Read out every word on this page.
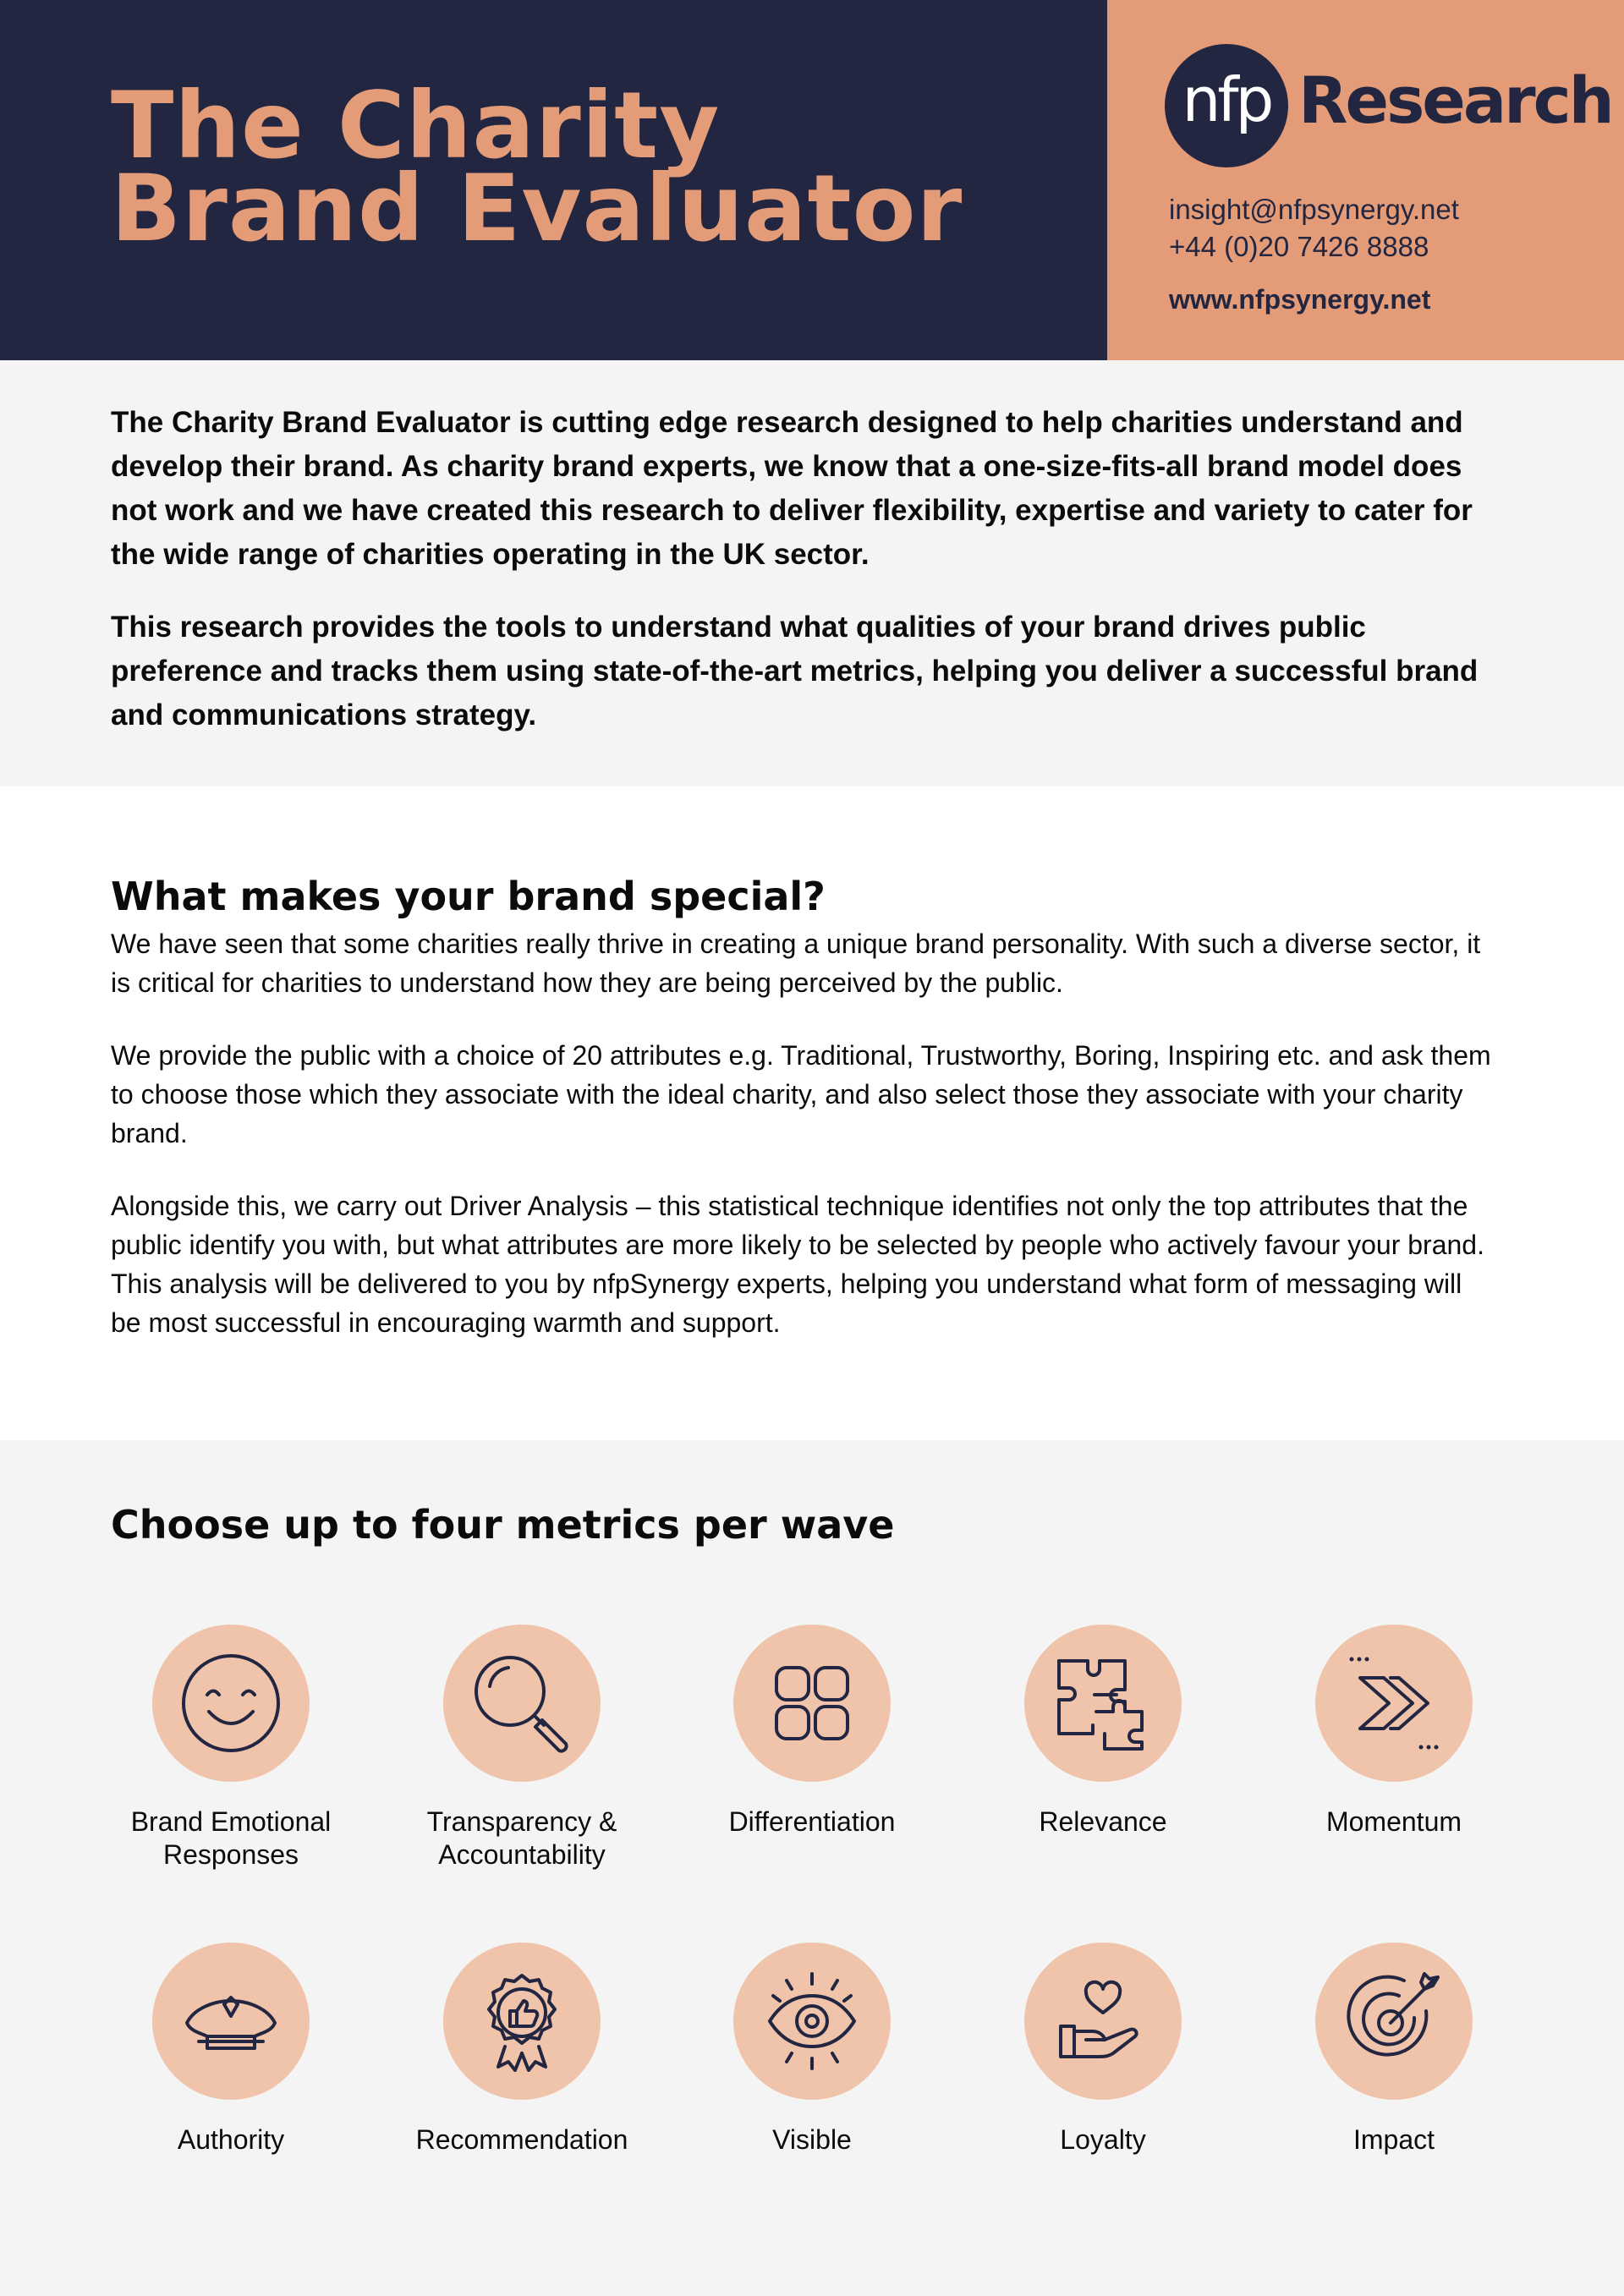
The Charity
Brand Evaluator
nfp Research
insight@nfpsynergy.net
+44 (0)20 7426 8888
www.nfpsynergy.net

The Charity Brand Evaluator is cutting edge research designed to help charities understand and develop their brand. As charity brand experts, we know that a one-size-fits-all brand model does not work and we have created this research to deliver flexibility, expertise and variety to cater for the wide range of charities operating in the UK sector.

This research provides the tools to understand what qualities of your brand drives public preference and tracks them using state-of-the-art metrics, helping you deliver a successful brand and communications strategy.

What makes your brand special?

We have seen that some charities really thrive in creating a unique brand personality. With such a diverse sector, it is critical for charities to understand how they are being perceived by the public.

We provide the public with a choice of 20 attributes e.g. Traditional, Trustworthy, Boring, Inspiring etc. and ask them to choose those which they associate with the ideal charity, and also select those they associate with your charity brand.

Alongside this, we carry out Driver Analysis – this statistical technique identifies not only the top attributes that the public identify you with, but what attributes are more likely to be selected by people who actively favour your brand. This analysis will be delivered to you by nfpSynergy experts, helping you understand what form of messaging will be most successful in encouraging warmth and support.

Choose up to four metrics per wave
Brand Emotional
Responses
Transparency &
Accountability
Differentiation	Relevance	Momentum
Authority	Recommendation	Visible	Loyalty	Impact
